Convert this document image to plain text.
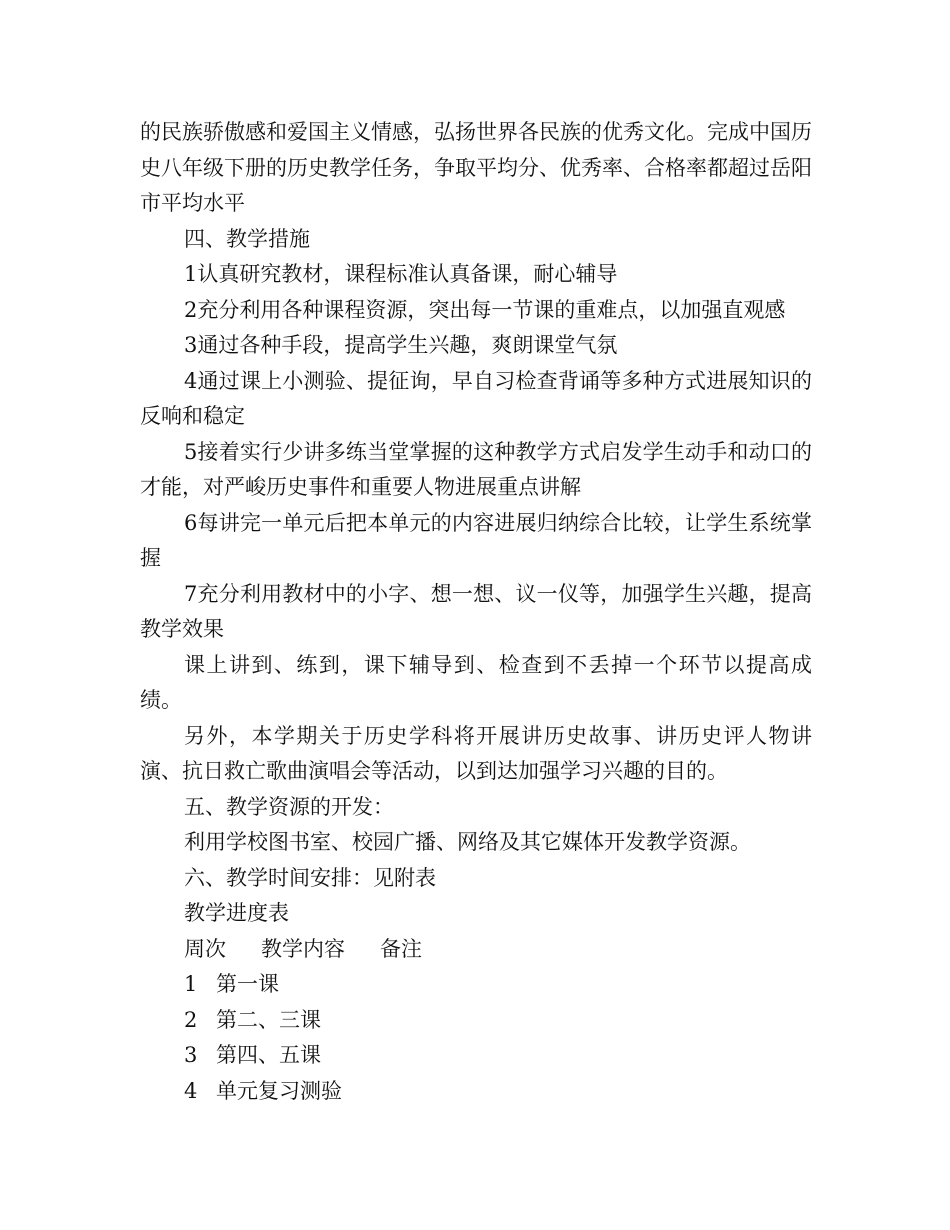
的民族骄傲感和爱国主义情感，弘扬世界各民族的优秀文化。完成中国历史八年级下册的历史教学任务，争取平均分、优秀率、合格率都超过岳阳市平均水平

四、教学措施

1认真研究教材，课程标准认真备课，耐心辅导

2充分利用各种课程资源，突出每一节课的重难点，以加强直观感

3通过各种手段，提高学生兴趣，爽朗课堂气氛

4通过课上小测验、提征询，早自习检查背诵等多种方式进展知识的反响和稳定

5接着实行少讲多练当堂掌握的这种教学方式启发学生动手和动口的才能，对严峻历史事件和重要人物进展重点讲解

6每讲完一单元后把本单元的内容进展归纳综合比较，让学生系统掌握

7充分利用教材中的小字、想一想、议一仪等，加强学生兴趣，提高教学效果

课上讲到、练到，课下辅导到、检查到不丢掉一个环节以提高成绩。

另外，本学期关于历史学科将开展讲历史故事、讲历史评人物讲演、抗日救亡歌曲演唱会等活动，以到达加强学习兴趣的目的。

五、教学资源的开发：

利用学校图书室、校园广播、网络及其它媒体开发教学资源。

六、教学时间安排：见附表

教学进度表

周次	教学内容	备注
1 第一课
2 第二、三课
3 第四、五课
4 单元复习测验
